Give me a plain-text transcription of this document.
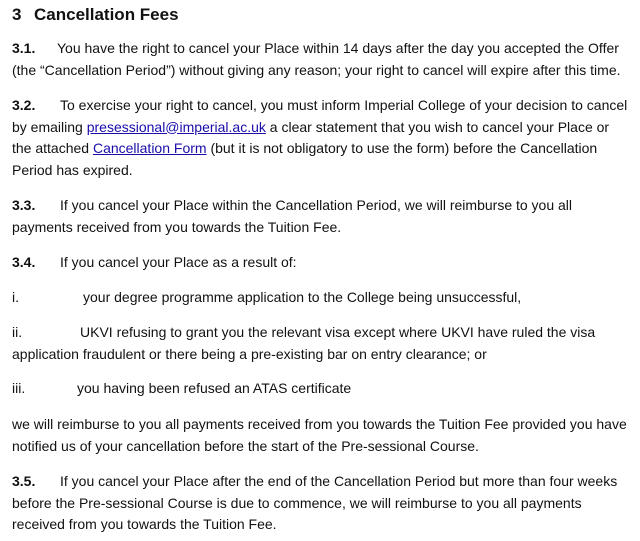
3 Cancellation Fees

3.1. You have the right to cancel your Place within 14 days after the day you accepted the Offer (the “Cancellation Period”) without giving any reason; your right to cancel will expire after this time.

3.2. To exercise your right to cancel, you must inform Imperial College of your decision to cancel by emailing presessional@imperial.ac.uk a clear statement that you wish to cancel your Place or the attached Cancellation Form (but it is not obligatory to use the form) before the Cancellation Period has expired.

3.3. If you cancel your Place within the Cancellation Period, we will reimburse to you all payments received from you towards the Tuition Fee.

3.4. If you cancel your Place as a result of:

i.	your degree programme application to the College being unsuccessful,

ii.	UKVI refusing to grant you the relevant visa except where UKVI have ruled the visa application fraudulent or there being a pre-existing bar on entry clearance; or

iii.	you having been refused an ATAS certificate

we will reimburse to you all payments received from you towards the Tuition Fee provided you have notified us of your cancellation before the start of the Pre-sessional Course.

3.5. If you cancel your Place after the end of the Cancellation Period but more than four weeks before the Pre-sessional Course is due to commence, we will reimburse to you all payments received from you towards the Tuition Fee.
